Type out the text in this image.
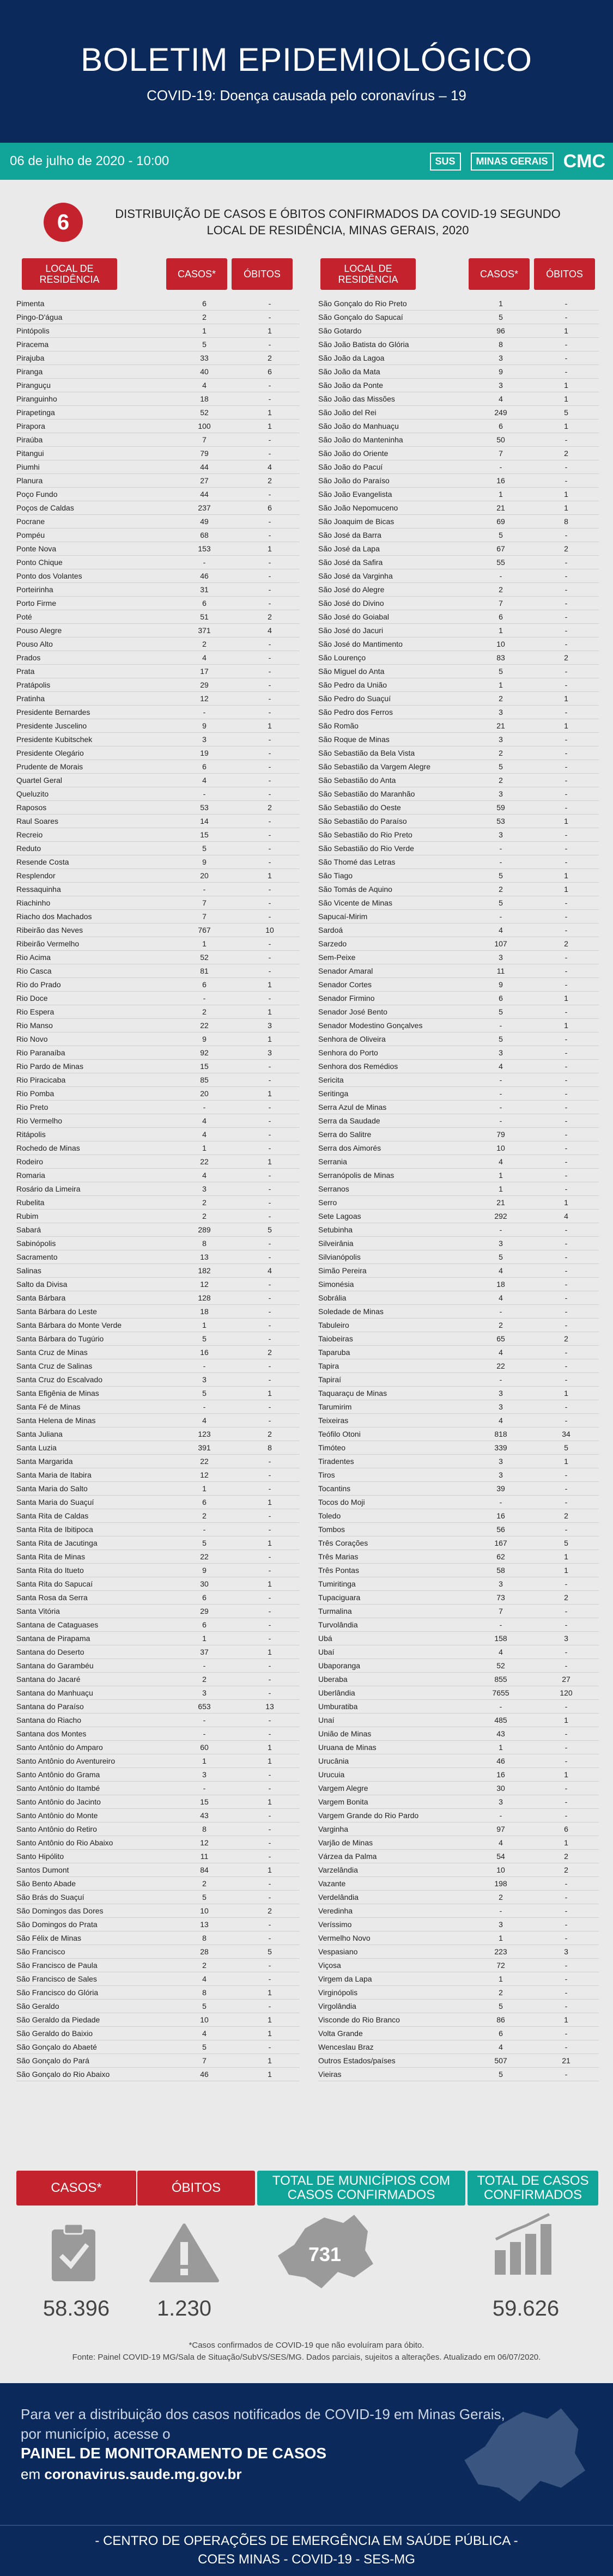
BOLETIM EPIDEMIOLÓGICO
COVID-19: Doença causada pelo coronavírus – 19
06 de julho de 2020 - 10:00	SUS	MINAS GERAIS CMC
6	DISTRIBUIÇÃO DE CASOS E ÓBITOS CONFIRMADOS DA COVID-19 SEGUNDO LOCAL DE RESIDÊNCIA, MINAS GERAIS, 2020
LOCAL DE RESIDÊNCIA	CASOS*	ÓBITOS	LOCAL DE RESIDÊNCIA	CASOS*	ÓBITOS
Pimenta	6	-
Pingo-D'água	2	-
Pintópolis	1	1
Piracema	5	-
Pirajuba	33	2
Piranga	40	6
Piranguçu	4	-
Piranguinho	18	-
Pirapetinga	52	1
Pirapora	100	1
Piraúba	7	-
Pitangui	79	-
Piumhi	44	4
Planura	27	2
Poço Fundo	44	-
Poços de Caldas	237	6
Pocrane	49	-
Pompéu	68	-
Ponte Nova	153	1
Ponto Chique	-	-
Ponto dos Volantes	46	-
Porteirinha	31	-
Porto Firme	6	-
Poté	51	2
Pouso Alegre	371	4
Pouso Alto	2	-
Prados	4	-
Prata	17	-
Pratápolis	29	-
Pratinha	12	-
Presidente Bernardes	-	-
Presidente Juscelino	9	1
Presidente Kubitschek	3	-
Presidente Olegário	19	-
Prudente de Morais	6	-
Quartel Geral	4	-
Queluzito	-	-
Raposos	53	2
Raul Soares	14	-
Recreio	15	-
Reduto	5	-
Resende Costa	9	-
Resplendor	20	1
Ressaquinha	-	-
Riachinho	7	-
Riacho dos Machados	7	-
Ribeirão das Neves	767	10
Ribeirão Vermelho	1	-
Rio Acima	52	-
Rio Casca	81	-
Rio do Prado	6	1
Rio Doce	-	-
Rio Espera	2	1
Rio Manso	22	3
Rio Novo	9	1
Rio Paranaíba	92	3
Rio Pardo de Minas	15	-
Rio Piracicaba	85	-
Rio Pomba	20	1
Rio Preto	-	-
Rio Vermelho	4	-
Ritápolis	4	-
Rochedo de Minas	1	-
Rodeiro	22	1
Romaria	4	-
Rosário da Limeira	3	-
Rubelita	2	-
Rubim	2	-
Sabará	289	5
Sabinópolis	8	-
Sacramento	13	-
Salinas	182	4
Salto da Divisa	12	-
Santa Bárbara	128	-
Santa Bárbara do Leste	18	-
Santa Bárbara do Monte Verde	1	-
Santa Bárbara do Tugúrio	5	-
Santa Cruz de Minas	16	2
Santa Cruz de Salinas	-	-
Santa Cruz do Escalvado	3	-
Santa Efigênia de Minas	5	1
Santa Fé de Minas	-	-
Santa Helena de Minas	4	-
Santa Juliana	123	2
Santa Luzia	391	8
Santa Margarida	22	-
Santa Maria de Itabira	12	-
Santa Maria do Salto	1	-
Santa Maria do Suaçuí	6	1
Santa Rita de Caldas	2	-
Santa Rita de Ibitipoca	-	-
Santa Rita de Jacutinga	5	1
Santa Rita de Minas	22	-
Santa Rita do Itueto	9	-
Santa Rita do Sapucaí	30	1
Santa Rosa da Serra	6	-
Santa Vitória	29	-
Santana de Cataguases	6	-
Santana de Pirapama	1	-
Santana do Deserto	37	1
Santana do Garambéu	-	-
Santana do Jacaré	2	-
Santana do Manhuaçu	3	-
Santana do Paraíso	653	13
Santana do Riacho	-	-
Santana dos Montes	-	-
Santo Antônio do Amparo	60	1
Santo Antônio do Aventureiro	1	1
Santo Antônio do Grama	3	-
Santo Antônio do Itambé	-	-
Santo Antônio do Jacinto	15	1
Santo Antônio do Monte	43	-
Santo Antônio do Retiro	8	-
Santo Antônio do Rio Abaixo	12	-
Santo Hipólito	11	-
Santos Dumont	84	1
São Bento Abade	2	-
São Brás do Suaçuí	5	-
São Domingos das Dores	10	2
São Domingos do Prata	13	-
São Félix de Minas	8	-
São Francisco	28	5
São Francisco de Paula	2	-
São Francisco de Sales	4	-
São Francisco do Glória	8	1
São Geraldo	5	-
São Geraldo da Piedade	10	1
São Geraldo do Baixio	4	1
São Gonçalo do Abaeté	5	-
São Gonçalo do Pará	7	1
São Gonçalo do Rio Abaixo	46	1
São Gonçalo do Rio Preto	1	-
São Gonçalo do Sapucaí	5	-
São Gotardo	96	1
São João Batista do Glória	8	-
São João da Lagoa	3	-
São João da Mata	9	-
São João da Ponte	3	1
São João das Missões	4	1
São João del Rei	249	5
São João do Manhuaçu	6	1
São João do Manteninha	50	-
São João do Oriente	7	2
São João do Pacuí	-	-
São João do Paraíso	16	-
São João Evangelista	1	1
São João Nepomuceno	21	1
São Joaquim de Bicas	69	8
São José da Barra	5	-
São José da Lapa	67	2
São José da Safira	55	-
São José da Varginha	-	-
São José do Alegre	2	-
São José do Divino	7	-
São José do Goiabal	6	-
São José do Jacuri	1	-
São José do Mantimento	10	-
São Lourenço	83	2
São Miguel do Anta	5	-
São Pedro da União	1	-
São Pedro do Suaçuí	2	1
São Pedro dos Ferros	3	-
São Romão	21	1
São Roque de Minas	3	-
São Sebastião da Bela Vista	2	-
São Sebastião da Vargem Alegre	5	-
São Sebastião do Anta	2	-
São Sebastião do Maranhão	3	-
São Sebastião do Oeste	59	-
São Sebastião do Paraíso	53	1
São Sebastião do Rio Preto	3	-
São Sebastião do Rio Verde	-	-
São Thomé das Letras	-	-
São Tiago	5	1
São Tomás de Aquino	2	1
São Vicente de Minas	5	-
Sapucaí-Mirim	-	-
Sardoá	4	-
Sarzedo	107	2
Sem-Peixe	3	-
Senador Amaral	11	-
Senador Cortes	9	-
Senador Firmino	6	1
Senador José Bento	5	-
Senador Modestino Gonçalves	-	1
Senhora de Oliveira	5	-
Senhora do Porto	3	-
Senhora dos Remédios	4	-
Sericita	-	-
Seritinga	-	-
Serra Azul de Minas	-	-
Serra da Saudade	-	-
Serra do Salitre	79	-
Serra dos Aimorés	10	-
Serrania	4	-
Serranópolis de Minas	1	-
Serranos	1	-
Serro	21	1
Sete Lagoas	292	4
Setubinha	-	-
Silveirânia	3	-
Silvianópolis	5	-
Simão Pereira	4	-
Simonésia	18	-
Sobrália	4	-
Soledade de Minas	-	-
Tabuleiro	2	-
Taiobeiras	65	2
Taparuba	4	-
Tapira	22	-
Tapiraí	-	-
Taquaraçu de Minas	3	1
Tarumirim	3	-
Teixeiras	4	-
Teófilo Otoni	818	34
Timóteo	339	5
Tiradentes	3	1
Tiros	3	-
Tocantins	39	-
Tocos do Moji	-	-
Toledo	16	2
Tombos	56	-
Três Corações	167	5
Três Marias	62	1
Três Pontas	58	1
Tumiritinga	3	-
Tupaciguara	73	2
Turmalina	7	-
Turvolândia	-	-
Ubá	158	3
Ubaí	4	-
Ubaporanga	52	-
Uberaba	855	27
Uberlândia	7655	120
Umburatiba	-	-
Unaí	485	1
União de Minas	43	-
Uruana de Minas	1	-
Urucânia	46	-
Urucuia	16	1
Vargem Alegre	30	-
Vargem Bonita	3	-
Vargem Grande do Rio Pardo	-	-
Varginha	97	6
Varjão de Minas	4	1
Várzea da Palma	54	2
Varzelândia	10	2
Vazante	198	-
Verdelândia	2	-
Veredinha	-	-
Veríssimo	3	-
Vermelho Novo	1	-
Vespasiano	223	3
Viçosa	72	-
Virgem da Lapa	1	-
Virginópolis	2	-
Virgolândia	5	-
Visconde do Rio Branco	86	1
Volta Grande	6	-
Wenceslau Braz	4	-
Outros Estados/países	507	21
Vieiras	5	-
CASOS*	ÓBITOS	TOTAL DE MUNICÍPIOS COM CASOS CONFIRMADOS
TOTAL DE CASOS CONFIRMADOS
58.396	1.230
731
59.626
*Casos confirmados de COVID-19 que não evoluíram para óbito.
Fonte: Painel COVID-19 MG/Sala de Situação/SubVS/SES/MG. Dados parciais, sujeitos a alterações. Atualizado em 06/07/2020.
Para ver a distribuição dos casos notificados de COVID-19 em Minas Gerais,
por município, acesse o
PAINEL DE MONITORAMENTO DE CASOS
em coronavirus.saude.mg.gov.br
- CENTRO DE OPERAÇÕES DE EMERGÊNCIA EM SAÚDE PÚBLICA -
COES MINAS - COVID-19 - SES-MG
